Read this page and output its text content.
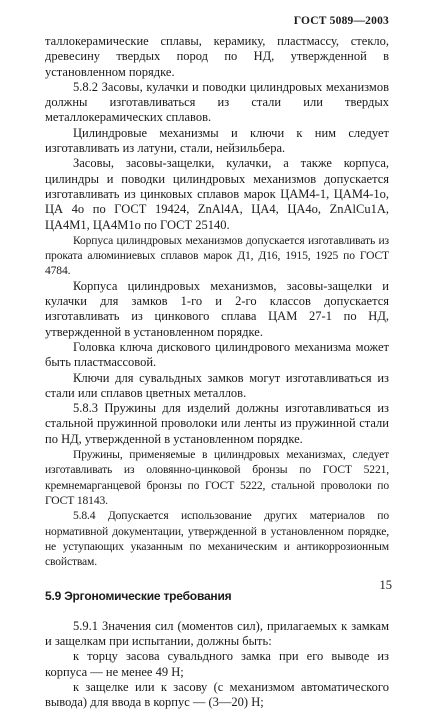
ГОСТ 5089—2003

таллокерамические сплавы, керамику, пластмассу, стекло, древесину твердых пород по НД, утвержденной в установленном порядке.

5.8.2 Засовы, кулачки и поводки цилиндровых механизмов должны изготавливаться из стали или твердых металлокерамических сплавов.

Цилиндровые механизмы и ключи к ним следует изготавливать из латуни, стали, нейзильбера.

Засовы, засовы-защелки, кулачки, а также корпуса, цилиндры и поводки цилиндровых механизмов допускается изготавливать из цинковых сплавов марок ЦАМ4-1, ЦАМ4-1о, ЦА 4о по ГОСТ 19424, ZnAl4A, ЦА4, ЦА4о, ZnAlCu1A, ЦА4М1, ЦА4М1о по ГОСТ 25140.

Корпуса цилиндровых механизмов допускается изготавливать из проката алюминиевых сплавов марок Д1, Д16, 1915, 1925 по ГОСТ 4784.

Корпуса цилиндровых механизмов, засовы-защелки и кулачки для замков 1-го и 2-го классов допускается изготавливать из цинкового сплава ЦАМ 27-1 по НД, утвержденной в установленном порядке.

Головка ключа дискового цилиндрового механизма может быть пластмассовой.

Ключи для сувальдных замков могут изготавливаться из стали или сплавов цветных металлов.

5.8.3 Пружины для изделий должны изготавливаться из стальной пружинной проволоки или ленты из пружинной стали по НД, утвержденной в установленном порядке.

Пружины, применяемые в цилиндровых механизмах, следует изготавливать из оловянно-цинковой бронзы по ГОСТ 5221, кремнемарганцевой бронзы по ГОСТ 5222, стальной проволоки по ГОСТ 18143.

5.8.4 Допускается использование других материалов по нормативной документации, утвержденной в установленном порядке, не уступающих указанным по механическим и антикоррозионным свойствам.

5.9 Эргономические требования

5.9.1 Значения сил (моментов сил), прилагаемых к замкам и защелкам при испытании, должны быть:

к торцу засова сувальдного замка при его выводе из корпуса — не менее 49 Н;

к защелке или к засову (с механизмом автоматического вывода) для ввода в корпус — (3—20) Н;

15
